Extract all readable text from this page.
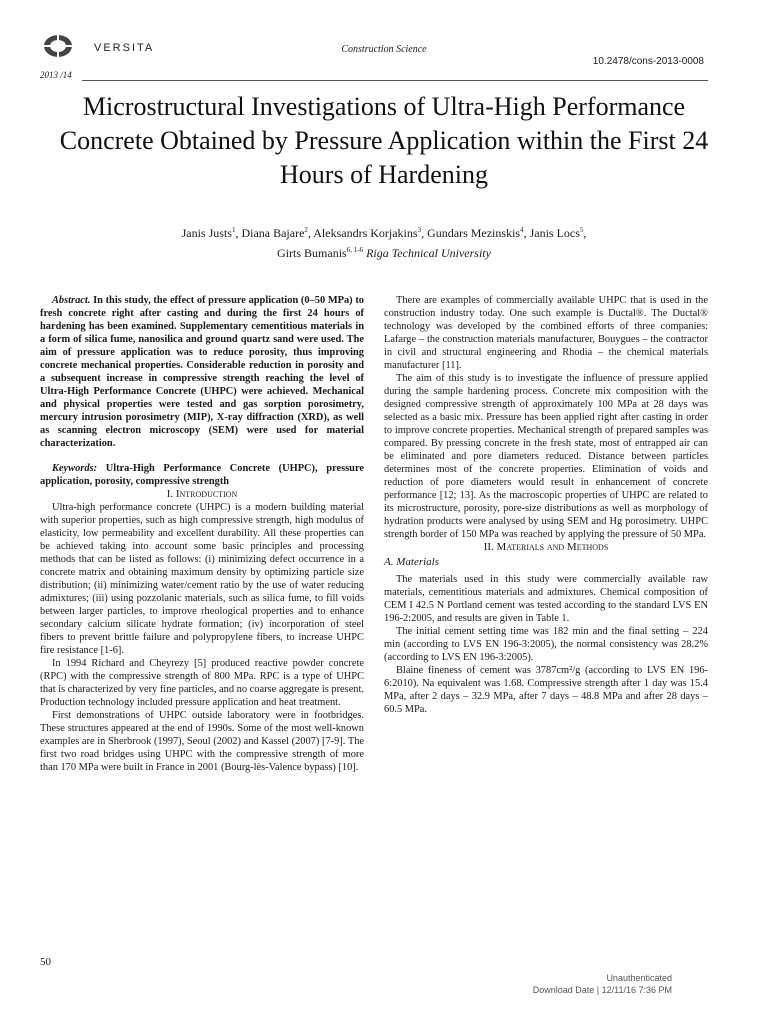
VERSITA	Construction Science
10.2478/cons-2013-0008
2013 /14
Microstructural Investigations of Ultra-High Performance Concrete Obtained by Pressure Application within the First 24 Hours of Hardening
Janis Justs$^1$, Diana Bajare$^2$, Aleksandrs Korjakins$^3$, Gundars Mezinskis$^4$, Janis Locs$^5$,
Girts Bumanis$^{6, 1-6}$ Riga Technical University

Abstract. In this study, the effect of pressure application (0–50 MPa) to fresh concrete right after casting and during the first 24 hours of hardening has been examined. Supplementary cementitious materials in a form of silica fume, nanosilica and ground quartz sand were used. The aim of pressure application was to reduce porosity, thus improving concrete mechanical properties. Considerable reduction in porosity and a subsequent increase in compressive strength reaching the level of Ultra-High Performance Concrete (UHPC) were achieved. Mechanical and physical properties were tested and gas sorption porosimetry, mercury intrusion porosimetry (MIP), X-ray diffraction (XRD), as well as scanning electron microscopy (SEM) were used for material characterization.

Keywords: Ultra-High Performance Concrete (UHPC), pressure application, porosity, compressive strength

I. Introduction

Ultra-high performance concrete (UHPC) is a modern building material with superior properties, such as high compressive strength, high modulus of elasticity, low permeability and excellent durability. All these properties can be achieved taking into account some basic principles and processing methods that can be listed as follows: (i) minimizing defect occurrence in a concrete matrix and obtaining maximum density by optimizing particle size distribution; (ii) minimizing water/cement ratio by the use of water reducing admixtures; (iii) using pozzolanic materials, such as silica fume, to fill voids between larger particles, to improve rheological properties and to enhance secondary calcium silicate hydrate formation; (iv) incorporation of steel fibers to prevent brittle failure and polypropylene fibers, to increase UHPC fire resistance [1-6].

In 1994 Richard and Cheyrezy [5] produced reactive powder concrete (RPC) with the compressive strength of 800 MPa. RPC is a type of UHPC that is characterized by very fine particles, and no coarse aggregate is present. Production technology included pressure application and heat treatment.

First demonstrations of UHPC outside laboratory were in footbridges. These structures appeared at the end of 1990s. Some of the most well-known examples are in Sherbrook (1997), Seoul (2002) and Kassel (2007) [7-9]. The first two road bridges using UHPC with the compressive strength of more than 170 MPa were built in France in 2001 (Bourg-lès-Valence bypass) [10].

There are examples of commercially available UHPC that is used in the construction industry today. One such example is Ductal®. The Ductal® technology was developed by the combined efforts of three companies: Lafarge – the construction materials manufacturer, Bouygues – the contractor in civil and structural engineering and Rhodia – the chemical materials manufacturer [11].

The aim of this study is to investigate the influence of pressure applied during the sample hardening process. Concrete mix composition with the designed compressive strength of approximately 100 MPa at 28 days was selected as a basic mix. Pressure has been applied right after casting in order to improve concrete properties. Mechanical strength of prepared samples was compared. By pressing concrete in the fresh state, most of entrapped air can be eliminated and pore diameters reduced. Distance between particles determines most of the concrete properties. Elimination of voids and reduction of pore diameters would result in enhancement of concrete performance [12; 13]. As the macroscopic properties of UHPC are related to its microstructure, porosity, pore-size distributions as well as morphology of hydration products were analysed by using SEM and Hg porosimetry. UHPC strength border of 150 MPa was reached by applying the pressure of 50 MPa.

II. Materials and Methods

A. Materials

The materials used in this study were commercially available raw materials, cementitious materials and admixtures. Chemical composition of CEM I 42.5 N Portland cement was tested according to the standard LVS EN 196-2:2005, and results are given in Table 1.

The initial cement setting time was 182 min and the final setting – 224 min (according to LVS EN 196-3:2005), the normal consistency was 28.2% (according to LVS EN 196-3:2005).

Blaine fineness of cement was 3787cm²/g (according to LVS EN 196-6:2010). Na equivalent was 1.68. Compressive strength after 1 day was 15.4 MPa, after 2 days – 32.9 MPa, after 7 days – 48.8 MPa and after 28 days – 60.5 MPa.

50
Unauthenticated
Download Date | 12/11/16 7:36 PM
